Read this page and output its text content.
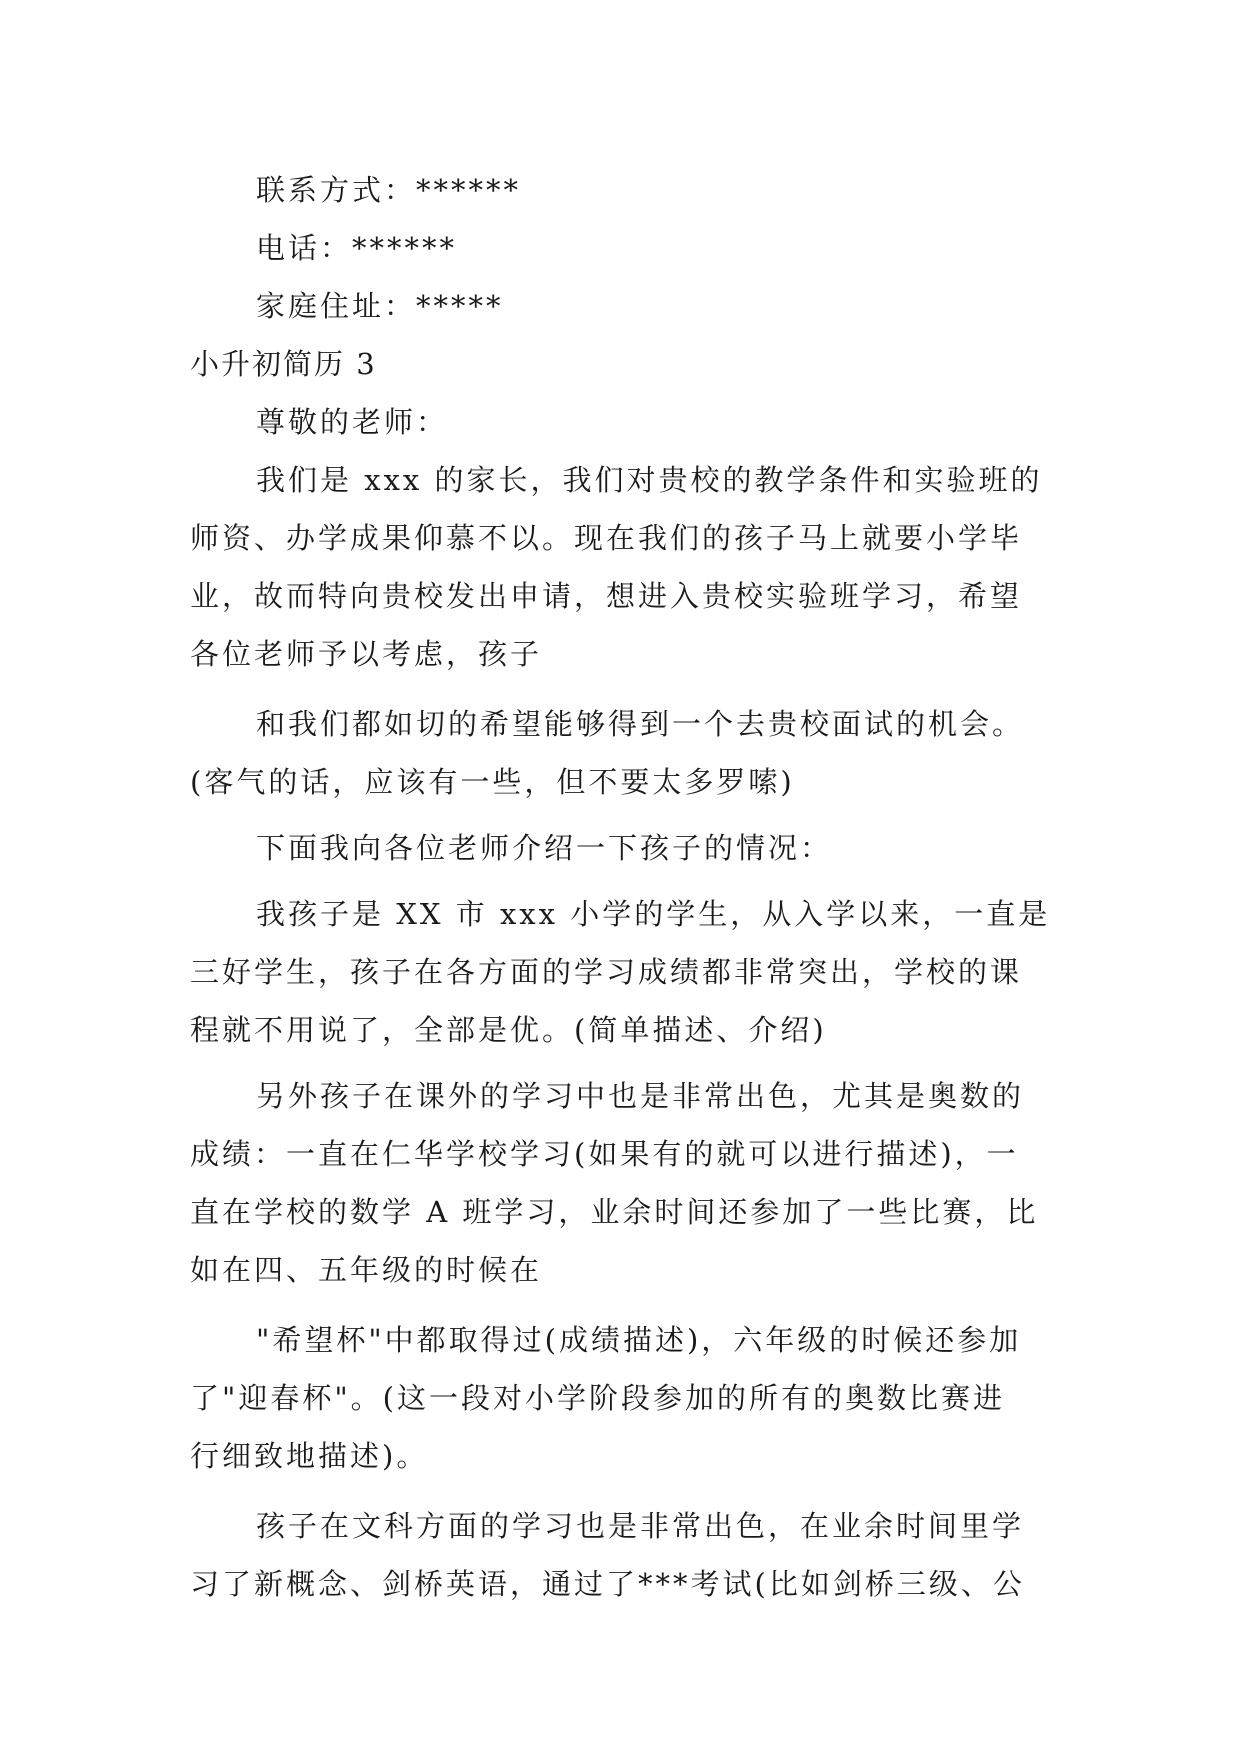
联系方式：******
电话：******
家庭住址：*****
小升初简历 3
尊敬的老师：
我们是 xxx 的家长，我们对贵校的教学条件和实验班的
师资、办学成果仰慕不以。现在我们的孩子马上就要小学毕
业，故而特向贵校发出申请，想进入贵校实验班学习，希望
各位老师予以考虑，孩子
和我们都如切的希望能够得到一个去贵校面试的机会。
(客气的话，应该有一些，但不要太多罗嗦)
下面我向各位老师介绍一下孩子的情况：
我孩子是 XX 市 xxx 小学的学生，从入学以来，一直是
三好学生，孩子在各方面的学习成绩都非常突出，学校的课
程就不用说了，全部是优。(简单描述、介绍)
另外孩子在课外的学习中也是非常出色，尤其是奥数的
成绩：一直在仁华学校学习(如果有的就可以进行描述)，一
直在学校的数学 A 班学习，业余时间还参加了一些比赛，比
如在四、五年级的时候在
"希望杯"中都取得过(成绩描述)，六年级的时候还参加
了"迎春杯"。(这一段对小学阶段参加的所有的奥数比赛进
行细致地描述)。
孩子在文科方面的学习也是非常出色，在业余时间里学
习了新概念、剑桥英语，通过了***考试(比如剑桥三级、公
